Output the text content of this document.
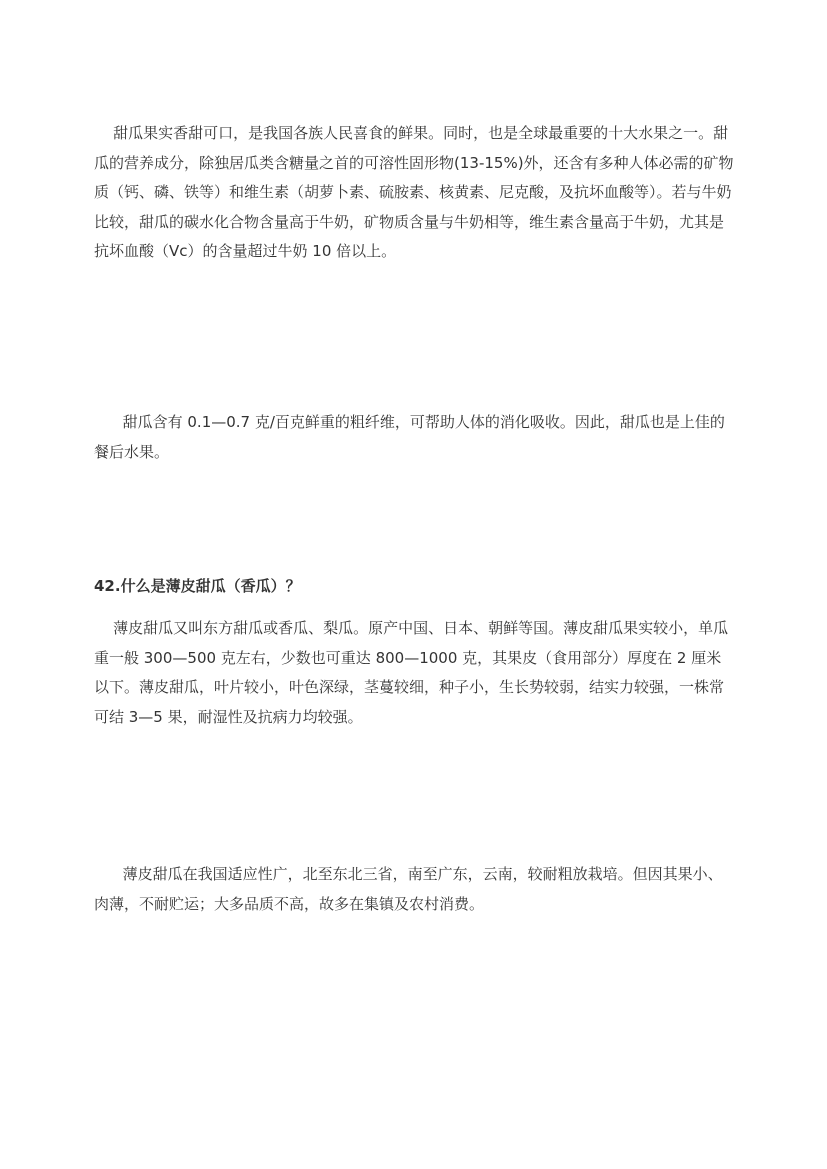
甜瓜果实香甜可口，是我国各族人民喜食的鲜果。同时，也是全球最重要的十大水果之一。甜瓜的营养成分，除独居瓜类含糖量之首的可溶性固形物(13-15%)外，还含有多种人体必需的矿物质（钙、磷、铁等）和维生素（胡萝卜素、硫胺素、核黄素、尼克酸，及抗坏血酸等）。若与牛奶比较，甜瓜的碳水化合物含量高于牛奶，矿物质含量与牛奶相等，维生素含量高于牛奶，尤其是抗坏血酸（Vc）的含量超过牛奶 10 倍以上。

甜瓜含有 0.1—0.7 克/百克鲜重的粗纤维，可帮助人体的消化吸收。因此，甜瓜也是上佳的餐后水果。

42.什么是薄皮甜瓜（香瓜）？

薄皮甜瓜又叫东方甜瓜或香瓜、梨瓜。原产中国、日本、朝鲜等国。薄皮甜瓜果实较小，单瓜重一般 300—500 克左右，少数也可重达 800—1000 克，其果皮（食用部分）厚度在 2 厘米以下。薄皮甜瓜，叶片较小，叶色深绿，茎蔓较细，种子小，生长势较弱，结实力较强，一株常可结 3—5 果，耐湿性及抗病力均较强。

薄皮甜瓜在我国适应性广，北至东北三省，南至广东，云南，较耐粗放栽培。但因其果小、肉薄，不耐贮运；大多品质不高，故多在集镇及农村消费。
